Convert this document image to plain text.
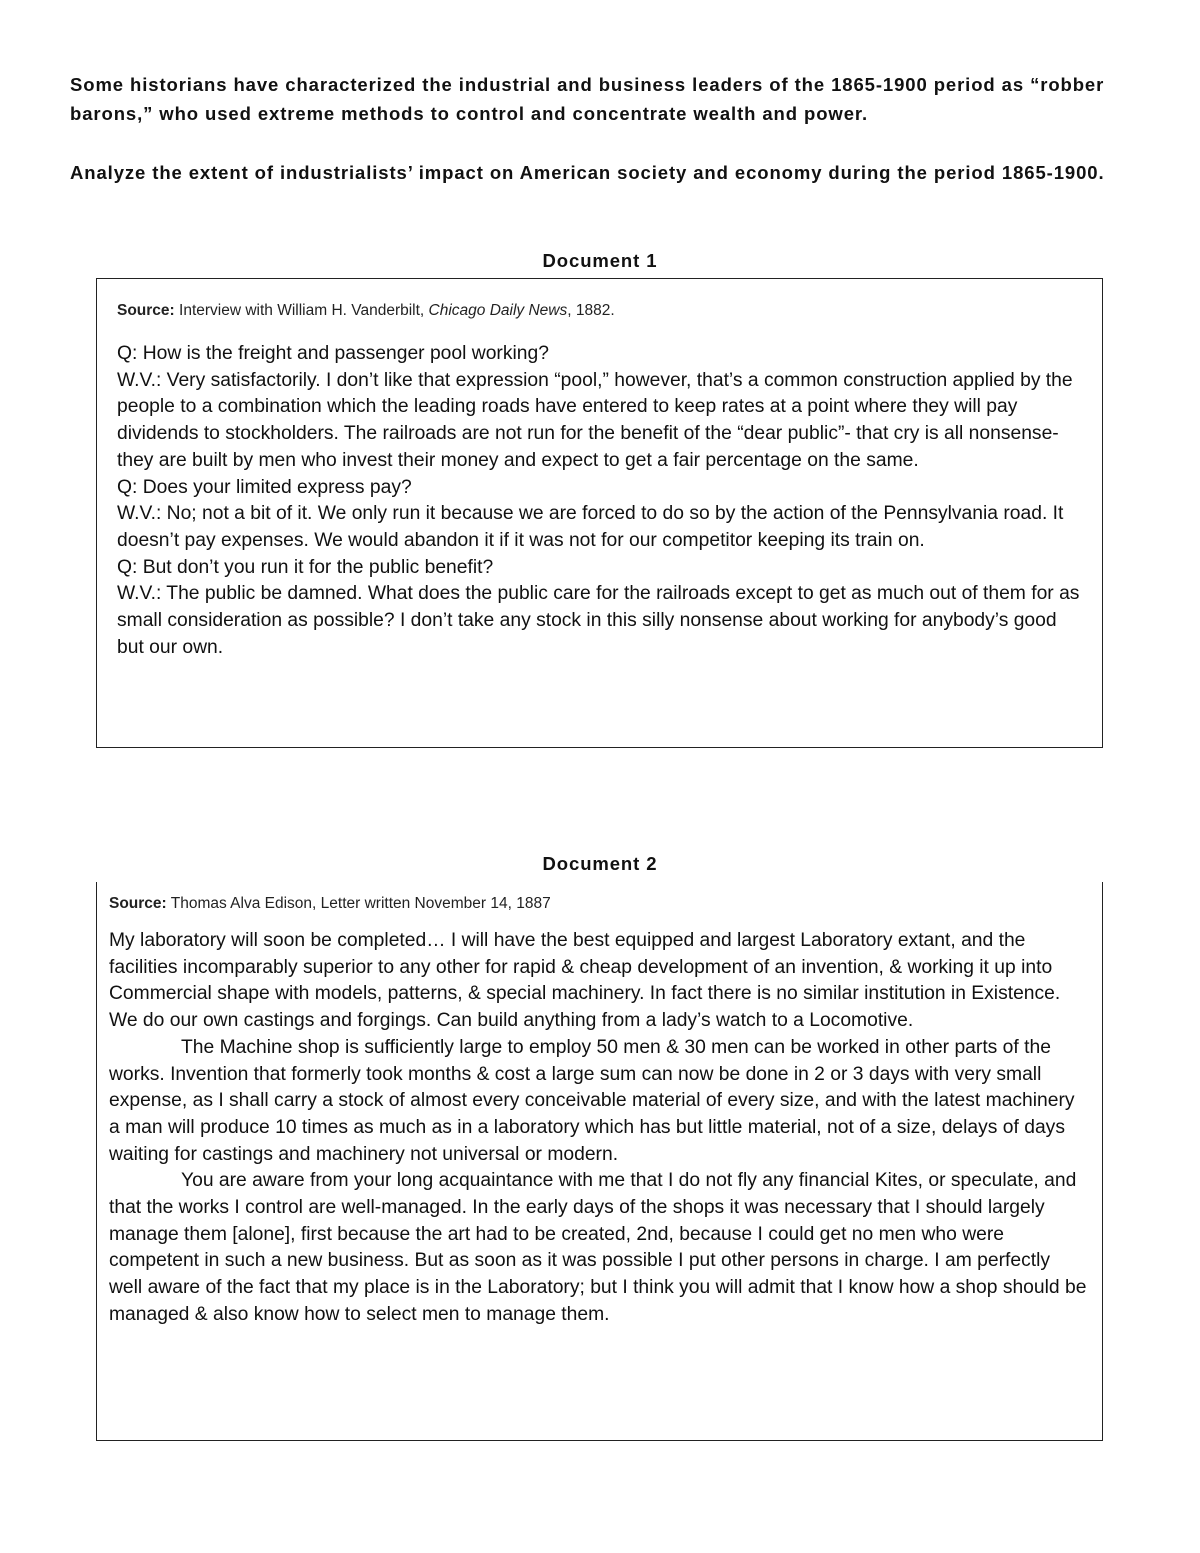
Some historians have characterized the industrial and business leaders of the 1865-1900 period as “robber barons,” who used extreme methods to control and concentrate wealth and power.

Analyze the extent of industrialists’ impact on American society and economy during the period 1865-1900.

Document 1

Source: Interview with William H. Vanderbilt, Chicago Daily News, 1882.

Q: How is the freight and passenger pool working?

W.V.: Very satisfactorily. I don’t like that expression “pool,” however, that’s a common construction applied by the people to a combination which the leading roads have entered to keep rates at a point where they will pay dividends to stockholders. The railroads are not run for the benefit of the “dear public”- that cry is all nonsense- they are built by men who invest their money and expect to get a fair percentage on the same.

Q: Does your limited express pay?

W.V.: No; not a bit of it. We only run it because we are forced to do so by the action of the Pennsylvania road. It doesn’t pay expenses. We would abandon it if it was not for our competitor keeping its train on.

Q: But don’t you run it for the public benefit?

W.V.: The public be damned. What does the public care for the railroads except to get as much out of them for as small consideration as possible? I don’t take any stock in this silly nonsense about working for anybody’s good but our own.

Document 2

Source: Thomas Alva Edison, Letter written November 14, 1887

My laboratory will soon be completed… I will have the best equipped and largest Laboratory extant, and the facilities incomparably superior to any other for rapid & cheap development of an invention, & working it up into Commercial shape with models, patterns, & special machinery. In fact there is no similar institution in Existence. We do our own castings and forgings. Can build anything from a lady’s watch to a Locomotive.

The Machine shop is sufficiently large to employ 50 men & 30 men can be worked in other parts of the works. Invention that formerly took months & cost a large sum can now be done in 2 or 3 days with very small expense, as I shall carry a stock of almost every conceivable material of every size, and with the latest machinery a man will produce 10 times as much as in a laboratory which has but little material, not of a size, delays of days waiting for castings and machinery not universal or modern.

You are aware from your long acquaintance with me that I do not fly any financial Kites, or speculate, and that the works I control are well-managed. In the early days of the shops it was necessary that I should largely manage them [alone], first because the art had to be created, 2nd, because I could get no men who were competent in such a new business. But as soon as it was possible I put other persons in charge. I am perfectly well aware of the fact that my place is in the Laboratory; but I think you will admit that I know how a shop should be managed & also know how to select men to manage them.
